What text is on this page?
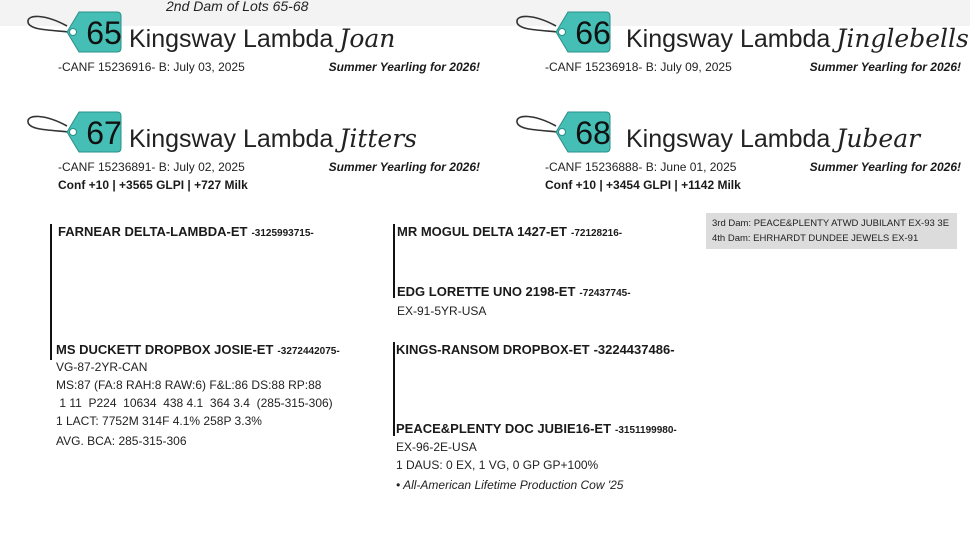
2nd Dam of Lots 65-68
65 Kingsway Lambda Joan
-CANF 15236916- B: July 03, 2025	Summer Yearling for 2026!
66 Kingsway Lambda Jinglebells
-CANF 15236918- B: July 09, 2025	Summer Yearling for 2026!
67 Kingsway Lambda Jitters
-CANF 15236891- B: July 02, 2025	Summer Yearling for 2026!
Conf +10 | +3565 GLPI | +727 Milk
68 Kingsway Lambda Jubear
-CANF 15236888- B: June 01, 2025	Summer Yearling for 2026!
Conf +10 | +3454 GLPI | +1142 Milk
FARNEAR DELTA-LAMBDA-ET -3125993715-	MR MOGUL DELTA 1427-ET -72128216-
EDG LORETTE UNO 2198-ET -72437745-
EX-91-5YR-USA
MS DUCKETT DROPBOX JOSIE-ET -3272442075-
VG-87-2YR-CAN
MS:87 (FA:8 RAH:8 RAW:6) F&L:86 DS:88 RP:88
1 11  P224  10634  438 4.1  364 3.4  (285-315-306)
1 LACT: 7752M 314F 4.1% 258P 3.3%
AVG. BCA: 285-315-306
KINGS-RANSOM DROPBOX-ET -3224437486-
PEACE&PLENTY DOC JUBIE16-ET -3151199980-
EX-96-2E-USA
1 DAUS: 0 EX, 1 VG, 0 GP GP+100%
• All-American Lifetime Production Cow '25
3rd Dam: PEACE&PLENTY ATWD JUBILANT EX-93 3E
4th Dam: EHRHARDT DUNDEE JEWELS EX-91
